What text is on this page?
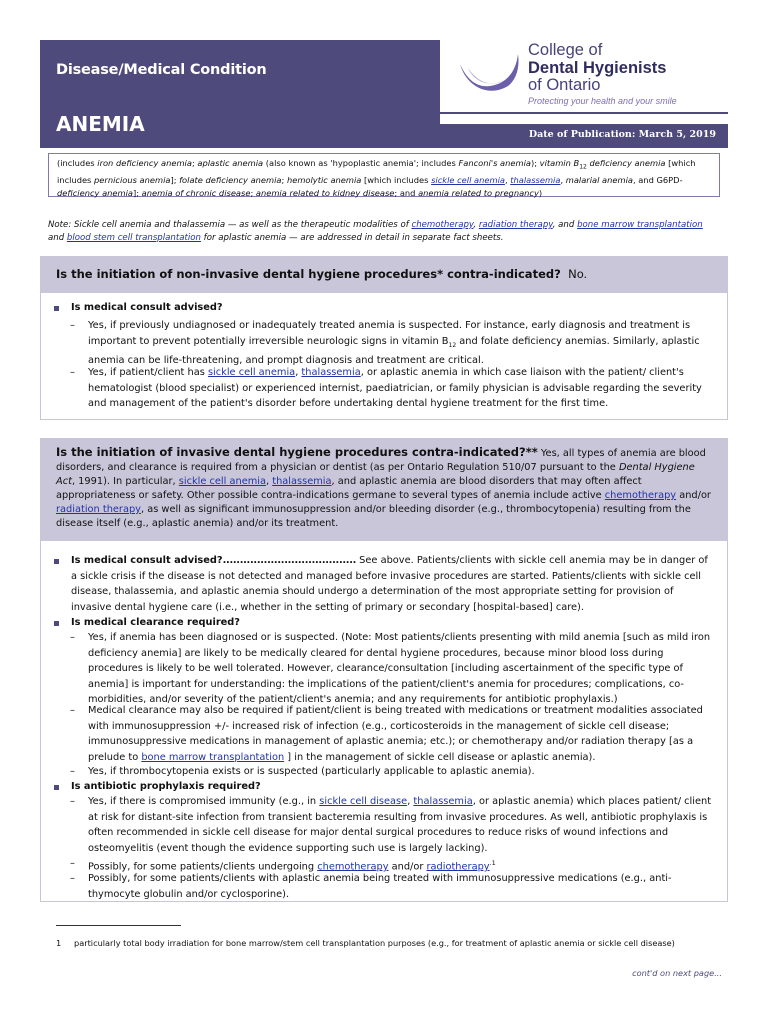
Disease/Medical Condition
ANEMIA	Date of Publication: March 5, 2019
College of
Dental Hygienists
of Ontario
Protecting your health and your smile
(includes iron deficiency anemia; aplastic anemia (also known as 'hypoplastic anemia'; includes Fanconi's anemia); vitamin $B_{12}$ deficiency anemia [which includes pernicious anemia]; folate deficiency anemia; hemolytic anemia [which includes sickle cell anemia, thalassemia, malarial anemia, and G6PD-deficiency anemia]; anemia of chronic disease; anemia related to kidney disease; and anemia related to pregnancy)
Note: Sickle cell anemia and thalassemia — as well as the therapeutic modalities of chemotherapy, radiation therapy, and bone marrow transplantation and blood stem cell transplantation for aplastic anemia — are addressed in detail in separate fact sheets.
Is the initiation of non-invasive dental hygiene procedures* contra-indicated? No.
Is medical consult advised?
– Yes, if previously undiagnosed or inadequately treated anemia is suspected. For instance, early diagnosis and treatment is important to prevent potentially irreversible neurologic signs in vitamin $B_{12}$ and folate deficiency anemias. Similarly, aplastic anemia can be life-threatening, and prompt diagnosis and treatment are critical.
– Yes, if patient/client has sickle cell anemia, thalassemia, or aplastic anemia in which case liaison with the patient/ client's hematologist (blood specialist) or experienced internist, paediatrician, or family physician is advisable regarding the severity and management of the patient's disorder before undertaking dental hygiene treatment for the first time.
Is the initiation of invasive dental hygiene procedures contra-indicated?** Yes, all types of anemia are blood disorders, and clearance is required from a physician or dentist (as per Ontario Regulation 510/07 pursuant to the Dental Hygiene Act, 1991). In particular, sickle cell anemia, thalassemia, and aplastic anemia are blood disorders that may often affect appropriateness or safety. Other possible contra-indications germane to several types of anemia include active chemotherapy and/or radiation therapy, as well as significant immunosuppression and/or bleeding disorder (e.g., thrombocytopenia) resulting from the disease itself (e.g., aplastic anemia) and/or its treatment.
Is medical consult advised?....................................... See above. Patients/clients with sickle cell anemia may be in danger of a sickle crisis if the disease is not detected and managed before invasive procedures are started. Patients/clients with sickle cell disease, thalassemia, and aplastic anemia should undergo a determination of the most appropriate setting for provision of invasive dental hygiene care (i.e., whether in the setting of primary or secondary [hospital-based] care).
Is medical clearance required?
– Yes, if anemia has been diagnosed or is suspected. (Note: Most patients/clients presenting with mild anemia [such as mild iron deficiency anemia] are likely to be medically cleared for dental hygiene procedures, because minor blood loss during procedures is likely to be well tolerated. However, clearance/consultation [including ascertainment of the specific type of anemia] is important for understanding: the implications of the patient/client's anemia for procedures; complications, co-morbidities, and/or severity of the patient/client's anemia; and any requirements for antibiotic prophylaxis.)
– Medical clearance may also be required if patient/client is being treated with medications or treatment modalities associated with immunosuppression +/- increased risk of infection (e.g., corticosteroids in the management of sickle cell disease; immunosuppressive medications in management of aplastic anemia; etc.); or chemotherapy and/or radiation therapy [as a prelude to bone marrow transplantation ] in the management of sickle cell disease or aplastic anemia).
– Yes, if thrombocytopenia exists or is suspected (particularly applicable to aplastic anemia).
Is antibiotic prophylaxis required?
– Yes, if there is compromised immunity (e.g., in sickle cell disease, thalassemia, or aplastic anemia) which places patient/ client at risk for distant-site infection from transient bacteremia resulting from invasive procedures. As well, antibiotic prophylaxis is often recommended in sickle cell disease for major dental surgical procedures to reduce risks of wound infections and osteomyelitis (event though the evidence supporting such use is largely lacking).
– Possibly, for some patients/clients undergoing chemotherapy and/or radiotherapy$^{.1}$
– Possibly, for some patients/clients with aplastic anemia being treated with immunosuppressive medications (e.g., anti-thymocyte globulin and/or cyclosporine).
1 particularly total body irradiation for bone marrow/stem cell transplantation purposes (e.g., for treatment of aplastic anemia or sickle cell disease)
cont'd on next page...
